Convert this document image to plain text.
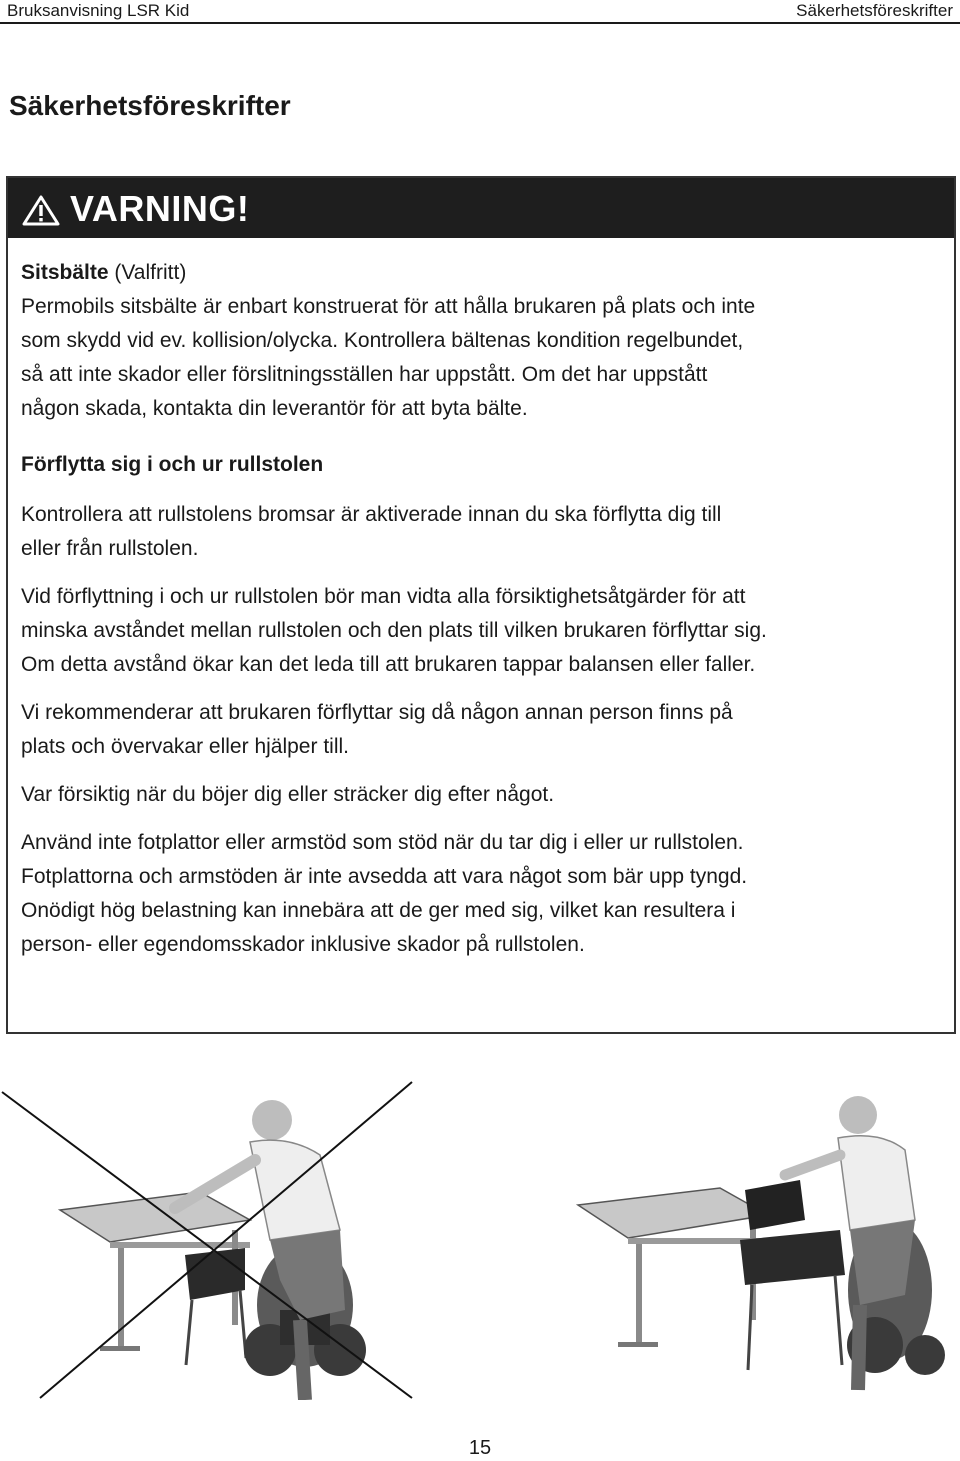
Bruksanvisning LSR Kid	Säkerhetsföreskrifter
Säkerhetsföreskrifter
VARNING!

Sitsbälte (Valfritt)

Permobils sitsbälte är enbart konstruerat för att hålla brukaren på plats och inte
som skydd vid ev. kollision/olycka. Kontrollera bältenas kondition regelbundet,
så att inte skador eller förslitningsställen har uppstått. Om det har uppstått
någon skada, kontakta din leverantör för att byta bälte.

Förflytta sig i och ur rullstolen

Kontrollera att rullstolens bromsar är aktiverade innan du ska förflytta dig till
eller från rullstolen.

Vid förflyttning i och ur rullstolen bör man vidta alla försiktighetsåtgärder för att
minska avståndet mellan rullstolen och den plats till vilken brukaren förflyttar sig.
Om detta avstånd ökar kan det leda till att brukaren tappar balansen eller faller.

Vi rekommenderar att brukaren förflyttar sig då någon annan person finns på
plats och övervakar eller hjälper till.

Var försiktig när du böjer dig eller sträcker dig efter något.

Använd inte fotplattor eller armstöd som stöd när du tar dig i eller ur rullstolen.
Fotplattorna och armstöden är inte avsedda att vara något som bär upp tyngd.
Onödigt hög belastning kan innebära att de ger med sig, vilket kan resultera i
person- eller egendomsskador inklusive skador på rullstolen.

15
